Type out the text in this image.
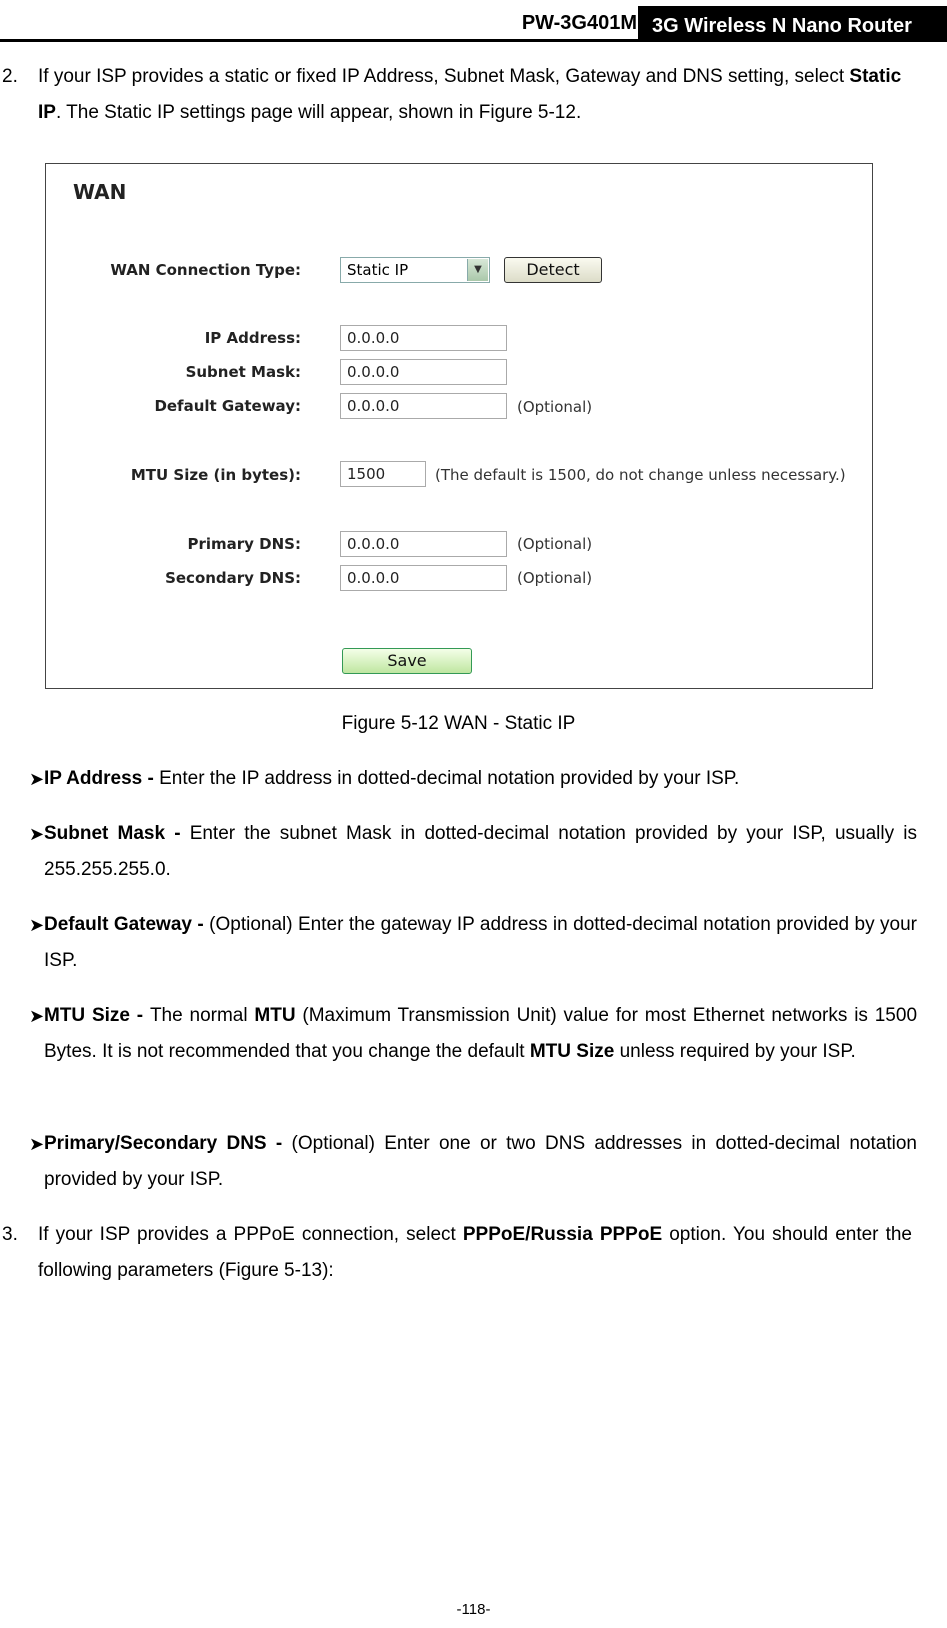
PW-3G401M 3G Wireless N Nano Router
2.	If your ISP provides a static or fixed IP Address, Subnet Mask, Gateway and DNS setting, select Static IP. The Static IP settings page will appear, shown in Figure 5-12.
WAN
WAN Connection Type:	Static IP	▼	Detect
IP Address:	0.0.0.0
Subnet Mask:	0.0.0.0
Default Gateway:	0.0.0.0	(Optional)
MTU Size (in bytes):	1500	(The default is 1500, do not change unless necessary.)
Primary DNS:	0.0.0.0	(Optional)
Secondary DNS:	0.0.0.0	(Optional)
Save
Figure 5-12 WAN - Static IP
➤ IP Address - Enter the IP address in dotted-decimal notation provided by your ISP.
➤ Subnet Mask - Enter the subnet Mask in dotted-decimal notation provided by your ISP, usually is 255.255.255.0.
➤ Default Gateway - (Optional) Enter the gateway IP address in dotted-decimal notation provided by your ISP.
➤ MTU Size - The normal MTU (Maximum Transmission Unit) value for most Ethernet networks is 1500 Bytes. It is not recommended that you change the default MTU Size unless required by your ISP.
➤ Primary/Secondary DNS - (Optional) Enter one or two DNS addresses in dotted-decimal notation provided by your ISP.
3.	If your ISP provides a PPPoE connection, select PPPoE/Russia PPPoE option. You should enter the following parameters (Figure 5-13):
-118-
